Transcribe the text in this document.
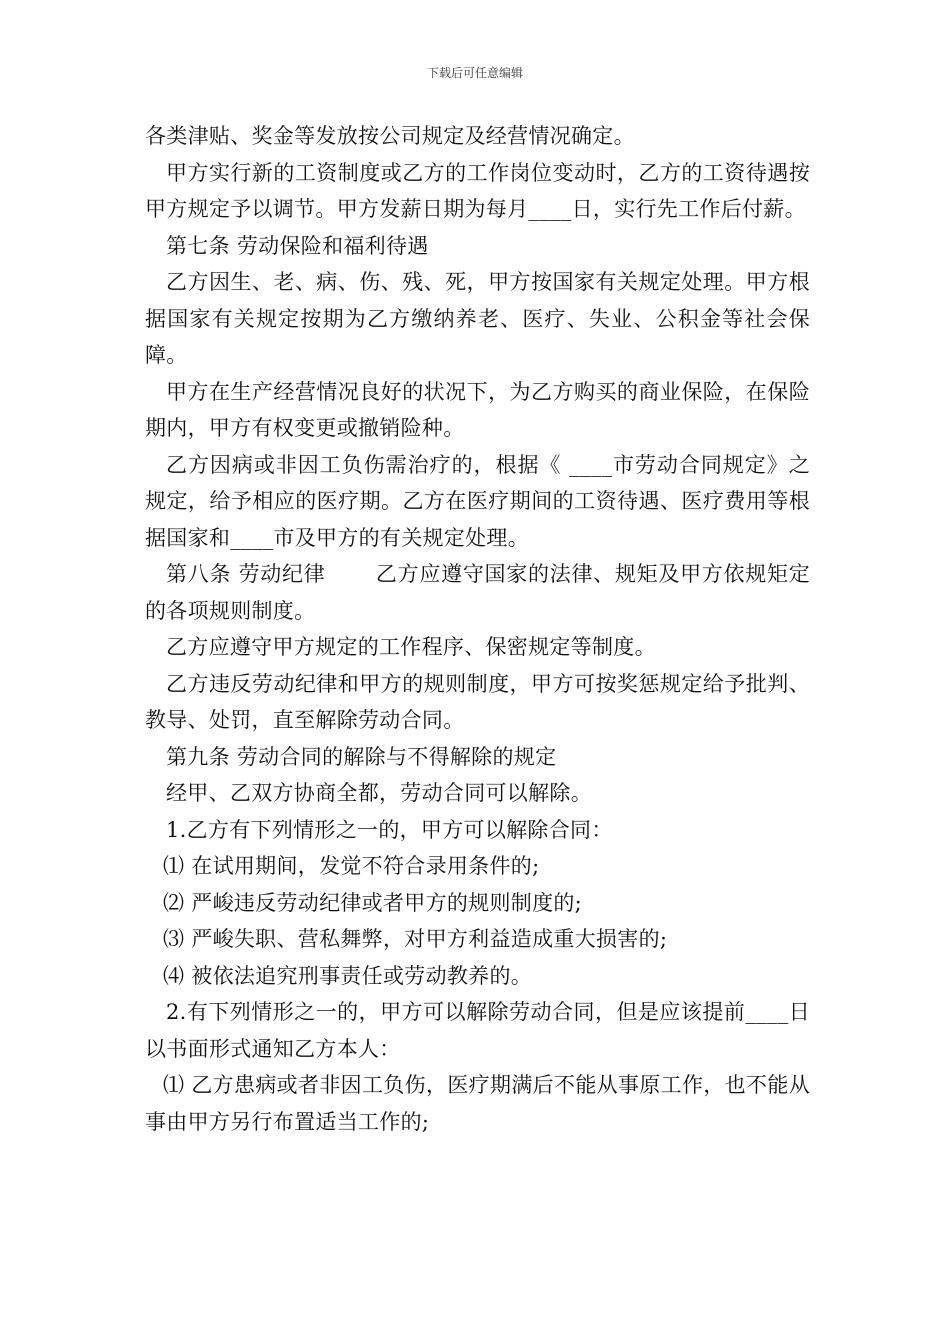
下载后可任意编辑

各类津贴、奖金等发放按公司规定及经营情况确定。

甲方实行新的工资制度或乙方的工作岗位变动时，乙方的工资待遇按甲方规定予以调节。甲方发薪日期为每月____日，实行先工作后付薪。

第七条 劳动保险和福利待遇

乙方因生、老、病、伤、残、死，甲方按国家有关规定处理。甲方根据国家有关规定按期为乙方缴纳养老、医疗、失业、公积金等社会保障。

甲方在生产经营情况良好的状况下，为乙方购买的商业保险，在保险期内，甲方有权变更或撤销险种。

乙方因病或非因工负伤需治疗的，根据《 ____市劳动合同规定》之规定，给予相应的医疗期。乙方在医疗期间的工资待遇、医疗费用等根据国家和____市及甲方的有关规定处理。

第八条 劳动纪律 乙方应遵守国家的法律、规矩及甲方依规矩定的各项规则制度。

乙方应遵守甲方规定的工作程序、保密规定等制度。

乙方违反劳动纪律和甲方的规则制度，甲方可按奖惩规定给予批判、教导、处罚，直至解除劳动合同。

第九条 劳动合同的解除与不得解除的规定

经甲、乙双方协商全都，劳动合同可以解除。

1.乙方有下列情形之一的，甲方可以解除合同：

⑴ 在试用期间，发觉不符合录用条件的;

⑵ 严峻违反劳动纪律或者甲方的规则制度的;

⑶ 严峻失职、营私舞弊，对甲方利益造成重大损害的;

⑷ 被依法追究刑事责任或劳动教养的。

2.有下列情形之一的，甲方可以解除劳动合同，但是应该提前____日以书面形式通知乙方本人：

⑴ 乙方患病或者非因工负伤，医疗期满后不能从事原工作，也不能从事由甲方另行布置适当工作的;
